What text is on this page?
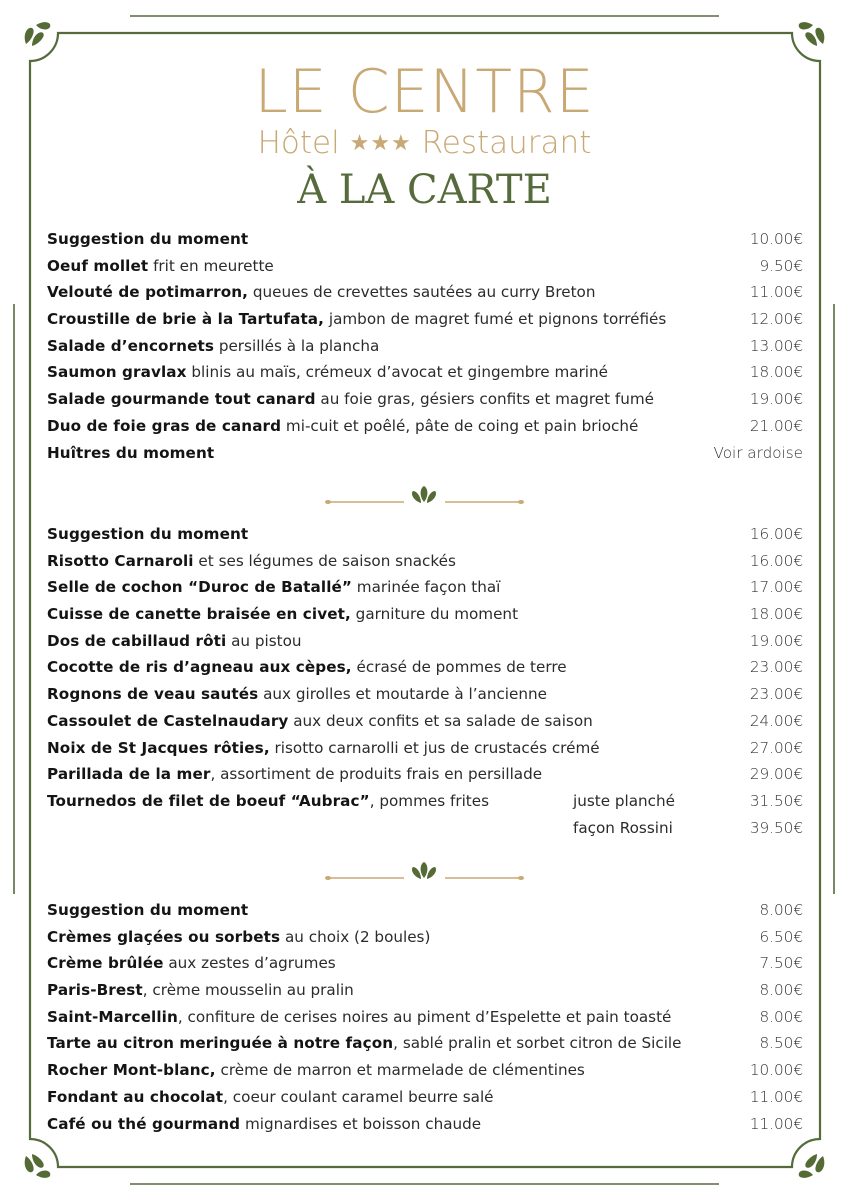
LE CENTRE
Hôtel ★★★ Restaurant
À LA CARTE
Suggestion du moment	10.00€
Oeuf mollet frit en meurette	9.50€
Velouté de potimarron, queues de crevettes sautées au curry Breton	11.00€
Croustille de brie à la Tartufata, jambon de magret fumé et pignons torréfiés	12.00€
Salade d’encornets persillés à la plancha	13.00€
Saumon gravlax blinis au maïs, crémeux d’avocat et gingembre mariné	18.00€
Salade gourmande tout canard au foie gras, gésiers confits et magret fumé	19.00€
Duo de foie gras de canard mi-cuit et poêlé, pâte de coing et pain brioché	21.00€
Huîtres du moment	Voir ardoise
Suggestion du moment	16.00€
Risotto Carnaroli et ses légumes de saison snackés	16.00€
Selle de cochon “Duroc de Batallé” marinée façon thaï	17.00€
Cuisse de canette braisée en civet, garniture du moment	18.00€
Dos de cabillaud rôti au pistou	19.00€
Cocotte de ris d’agneau aux cèpes, écrasé de pommes de terre	23.00€
Rognons de veau sautés aux girolles et moutarde à l’ancienne	23.00€
Cassoulet de Castelnaudary aux deux confits et sa salade de saison	24.00€
Noix de St Jacques rôties, risotto carnarolli et jus de crustacés crémé	27.00€
Parillada de la mer, assortiment de produits frais en persillade	29.00€
Tournedos de filet de boeuf “Aubrac”, pommes frites	juste planché	31.50€
façon Rossini	39.50€
Suggestion du moment	8.00€
Crèmes glaçées ou sorbets au choix (2 boules)	6.50€
Crème brûlée aux zestes d’agrumes	7.50€
Paris-Brest, crème mousselin au pralin	8.00€
Saint-Marcellin, confiture de cerises noires au piment d’Espelette et pain toasté	8.00€
Tarte au citron meringuée à notre façon, sablé pralin et sorbet citron de Sicile	8.50€
Rocher Mont-blanc, crème de marron et marmelade de clémentines	10.00€
Fondant au chocolat, coeur coulant caramel beurre salé	11.00€
Café ou thé gourmand mignardises et boisson chaude	11.00€
